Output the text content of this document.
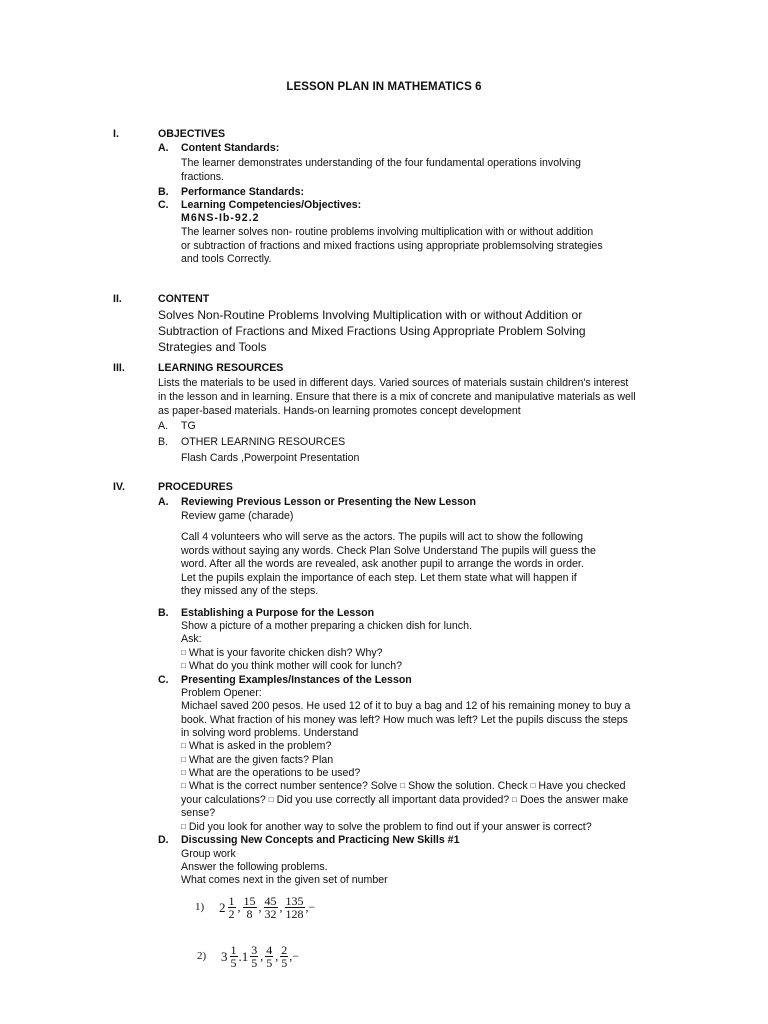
LESSON PLAN IN MATHEMATICS 6
I.	OBJECTIVES
A. Content Standards:
The learner demonstrates understanding of the four fundamental operations involving
fractions.
B. Performance Standards:
C. Learning Competencies/Objectives:
M6NS-Ib-92.2
The learner solves non- routine problems involving multiplication with or without addition
or subtraction of fractions and mixed fractions using appropriate problemsolving strategies
and tools Correctly.
II.	CONTENT
Solves Non-Routine Problems Involving Multiplication with or without Addition or
Subtraction of Fractions and Mixed Fractions Using Appropriate Problem Solving
Strategies and Tools
III.	LEARNING RESOURCES
Lists the materials to be used in different days. Varied sources of materials sustain children's interest
in the lesson and in learning. Ensure that there is a mix of concrete and manipulative materials as well
as paper-based materials. Hands-on learning promotes concept development
A. TG
B. OTHER LEARNING RESOURCES
Flash Cards ,Powerpoint Presentation
IV.	PROCEDURES
A. Reviewing Previous Lesson or Presenting the New Lesson
Review game (charade)
Call 4 volunteers who will serve as the actors. The pupils will act to show the following
words without saying any words. Check Plan Solve Understand The pupils will guess the
word. After all the words are revealed, ask another pupil to arrange the words in order.
Let the pupils explain the importance of each step. Let them state what will happen if
they missed any of the steps.
B. Establishing a Purpose for the Lesson
Show a picture of a mother preparing a chicken dish for lunch.
Ask:
□ What is your favorite chicken dish? Why?
□ What do you think mother will cook for lunch?
C. Presenting Examples/Instances of the Lesson
Problem Opener:
Michael saved 200 pesos. He used 12 of it to buy a bag and 12 of his remaining money to buy a
book. What fraction of his money was left? How much was left? Let the pupils discuss the steps
in solving word problems. Understand
□ What is asked in the problem?
□ What are the given facts? Plan
□ What are the operations to be used?
□ What is the correct number sentence? Solve □ Show the solution. Check □ Have you checked
your calculations? □ Did you use correctly all important data provided? □ Does the answer make
sense?
□ Did you look for another way to solve the problem to find out if your answer is correct?
D. Discussing New Concepts and Practicing New Skills #1
Group work
Answer the following problems.
What comes next in the given set of number
1)	$2 \frac{1}{2}$ , $\frac{15}{8}$ , $\frac{45}{32}$ , $\frac{135}{128}$ ,−
2)	$3 \frac{1}{5} .1 \frac{3}{5}$ , $\frac{4}{5}$ , $\frac{2}{5}$ ,−
